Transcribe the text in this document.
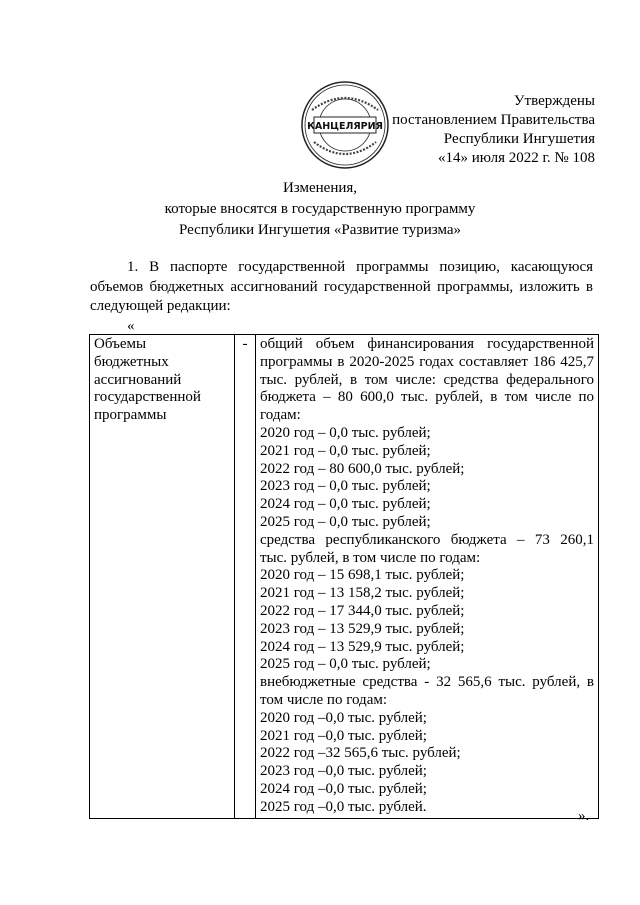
КАНЦЕЛЯРИЯ
Утверждены
постановлением Правительства
Республики Ингушетия
«14» июля 2022 г. № 108
Изменения,
которые вносятся в государственную программу
Республики Ингушетия «Развитие туризма»
1. В паспорте государственной программы позицию, касающуюся объемов бюджетных ассигнований государственной программы, изложить в следующей редакции:
«
Объемы
бюджетных
ассигнований
государственной
программы
	-	общий объем финансирования государственной
программы в 2020-2025 годах составляет 186 425,7
тыс. рублей, в том числе: средства федерального
бюджета – 80 600,0 тыс. рублей, в том числе по
годам:
2020 год – 0,0 тыс. рублей;
2021 год – 0,0 тыс. рублей;
2022 год – 80 600,0 тыс. рублей;
2023 год – 0,0 тыс. рублей;
2024 год – 0,0 тыс. рублей;
2025 год – 0,0 тыс. рублей;
средства республиканского бюджета – 73 260,1
тыс. рублей, в том числе по годам:
2020 год – 15 698,1 тыс. рублей;
2021 год – 13 158,2 тыс. рублей;
2022 год – 17 344,0 тыс. рублей;
2023 год – 13 529,9 тыс. рублей;
2024 год – 13 529,9 тыс. рублей;
2025 год – 0,0 тыс. рублей;
внебюджетные средства - 32 565,6 тыс. рублей, в
том числе по годам:
2020 год –0,0 тыс. рублей;
2021 год –0,0 тыс. рублей;
2022 год –32 565,6 тыс. рублей;
2023 год –0,0 тыс. рублей;
2024 год –0,0 тыс. рублей;
2025 год –0,0 тыс. рублей.
».
